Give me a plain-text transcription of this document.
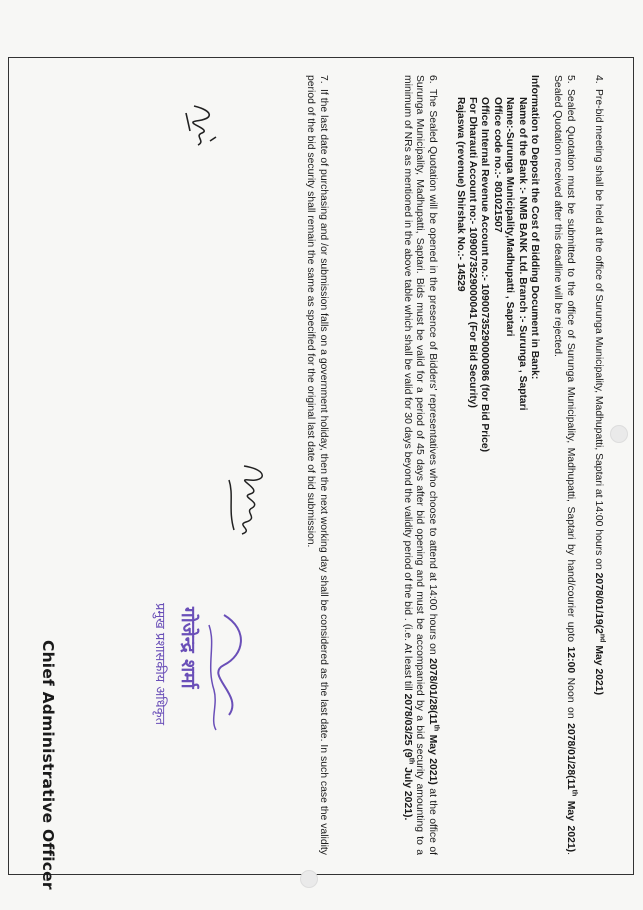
4.Pre-bid meeting shall be held at the office of Surunga Municipality, Madhupatti, Saptari at 14:00 hours on 2078/01/19(2nd May 2021)
5.Sealed Quotation must be submitted to the office of Surunga Municipality, Madhupatti, Saptari by hand/courier upto 12:00 Noon on 2078/01/28(11th May 2021). Sealed Quotation received after this deadline will be rejected.
Information to Deposit the Cost of Bidding Document in Bank:
Name of the Bank :- NMB BANK Ltd. Branch :- Surunga , Saptari
Name:-Surunga Municipality,Madhupatti , Saptari
Office code no.:- 801021507
Office Internal Revenue Account no.:- 10900735290000086 (for Bid Price)
For Dharauti Account no:- 1090073529000041 (For Bid Security)
Rajaswa (revenue) Shirshak No.:- 14529
6.The Sealed Quotation will be opened in the presence of Bidders' representatives who choose to attend at 14:00 hours on 2078/01/28(11th May 2021) at the office of Surunga Municipality, Madhupatti, Saptari. Bids must be valid for a period of 45 days after bid opening and must be accompanied by a bid security amounting to a minimum of NRs as mentioned in the above table which shall be valid for 30 days beyond the validity period of the bid . (i.e. At least till 2078/03/25 (9th July 2021).
7.If the last date of purchasing and /or submission falls on a government holiday, then the next working day shall be considered as the last date. In such case the validity period of the bid security shall remain the same as specified for the original last date of bid submission.
गोजेन्द्र शर्मा
प्रमुख प्रशासकीय अधिकृत
Chief Administrative Officer
